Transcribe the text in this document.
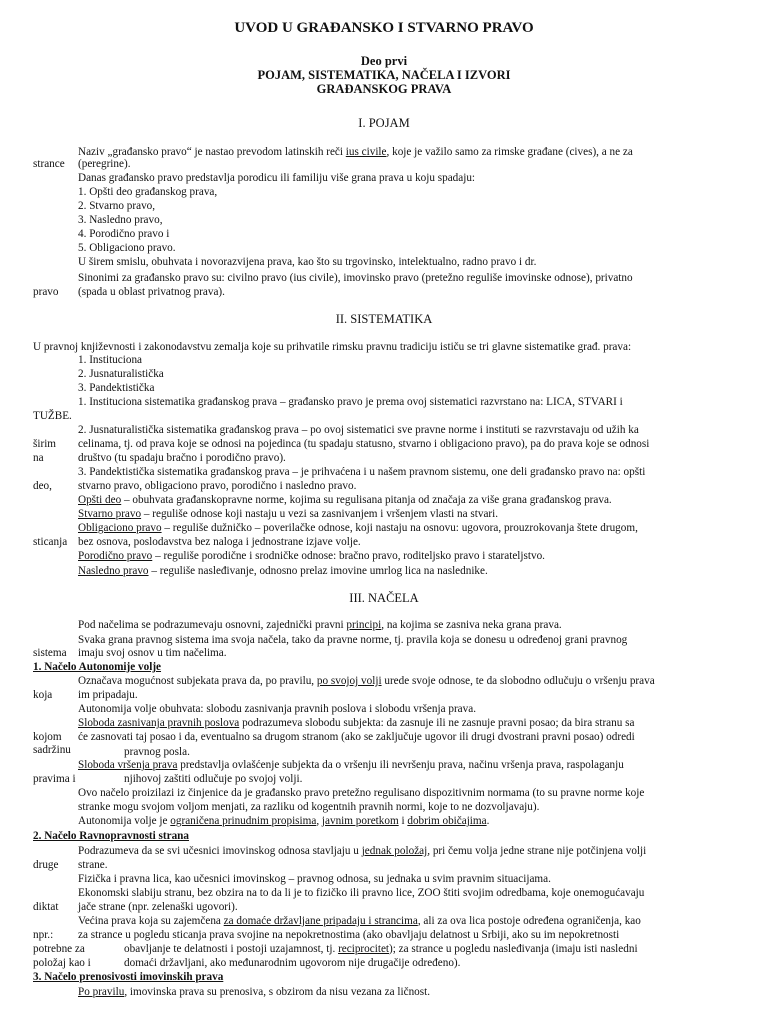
UVOD U GRAĐANSKO I STVARNO PRAVO
Deo prvi
POJAM, SISTEMATIKA, NAČELA I IZVORI
GRAĐANSKOG PRAVA
I. POJAM
Naziv „građansko pravo“ je nastao prevodom latinskih reči ius civile, koje je važilo samo za rimske građane (cives), a ne za
strance (peregrine).
Danas građansko pravo predstavlja porodicu ili familiju više grana prava u koju spadaju:
1. Opšti deo građanskog prava,
2. Stvarno pravo,
3. Nasledno pravo,
4. Porodično pravo i
5. Obligaciono pravo.
U širem smislu, obuhvata i novorazvijena prava, kao što su trgovinsko, intelektualno, radno pravo i dr.
Sinonimi za građansko pravo su: civilno pravo (ius civile), imovinsko pravo (pretežno reguliše imovinske odnose), privatno
pravo (spada u oblast privatnog prava).
II. SISTEMATIKA
U pravnoj književnosti i zakonodavstvu zemalja koje su prihvatile rimsku pravnu tradiciju ističu se tri glavne sistematike građ. prava:
1. Instituciona
2. Jusnaturalistička
3. Pandektistička
1. Instituciona sistematika građanskog prava – građansko pravo je prema ovoj sistematici razvrstano na: LICA, STVARI i
TUŽBE.
2. Jusnaturalistička sistematika građanskog prava – po ovoj sistematici sve pravne norme i instituti se razvrstavaju od užih ka
širim celinama, tj. od prava koje se odnosi na pojedinca (tu spadaju statusno, stvarno i obligaciono pravo), pa do prava koje se odnosi
na	društvo (tu spadaju bračno i porodično pravo).
3. Pandektistička sistematika građanskog prava – je prihvaćena i u našem pravnom sistemu, one deli građansko pravo na: opšti
deo, stvarno pravo, obligaciono pravo, porodično i nasledno pravo.
Opšti deo – obuhvata građanskopravne norme, kojima su regulisana pitanja od značaja za više grana građanskog prava.
Stvarno pravo – reguliše odnose koji nastaju u vezi sa zasnivanjem i vršenjem vlasti na stvari.
Obligaciono pravo – reguliše dužničko – poverilačke odnose, koji nastaju na osnovu: ugovora, prouzrokovanja štete drugom,
sticanja bez osnova, poslodavstva bez naloga i jednostrane izjave volje.
Porodično pravo – reguliše porodične i srodničke odnose: bračno pravo, roditeljsko pravo i starateljstvo.
Nasledno pravo – reguliše nasleđivanje, odnosno prelaz imovine umrlog lica na naslednike.
III. NAČELA
Pod načelima se podrazumevaju osnovni, zajednički pravni principi, na kojima se zasniva neka grana prava.
Svaka grana pravnog sistema ima svoja načela, tako da pravne norme, tj. pravila koja se donesu u određenoj grani pravnog
sistema imaju svoj osnov u tim načelima.
1. Načelo Autonomije volje
Označava mogućnost subjekata prava da, po pravilu, po svojoj volji urede svoje odnose, te da slobodno odlučuju o vršenju prava
koja im pripadaju.
Autonomija volje obuhvata: slobodu zasnivanja pravnih poslova i slobodu vršenja prava.
Sloboda zasnivanja pravnih poslova podrazumeva slobodu subjekta: da zasnuje ili ne zasnuje pravni posao; da bira stranu sa
kojom će zasnovati taj posao i da, eventualno sa drugom stranom (ako se zaključuje ugovor ili drugi dvostrani pravni posao) odredi
sadržinu	pravnog posla.
Sloboda vršenja prava predstavlja ovlašćenje subjekta da o vršenju ili nevršenju prava, načinu vršenja prava, raspolaganju
pravima i	njihovoj zaštiti odlučuje po svojoj volji.
Ovo načelo proizilazi iz činjenice da je građansko pravo pretežno regulisano dispozitivnim normama (to su pravne norme koje
stranke mogu svojom voljom menjati, za razliku od kogentnih pravnih normi, koje to ne dozvoljavaju).
Autonomija volje je ograničena prinudnim propisima, javnim poretkom i dobrim običajima.
2. Načelo Ravnopravnosti strana
Podrazumeva da se svi učesnici imovinskog odnosa stavljaju u jednak položaj, pri čemu volja jedne strane nije potčinjena volji
druge strane.
Fizička i pravna lica, kao učesnici imovinskog – pravnog odnosa, su jednaka u svim pravnim situacijama.
Ekonomski slabiju stranu, bez obzira na to da li je to fizičko ili pravno lice, ZOO štiti svojim odredbama, koje onemogućavaju
diktat jače strane (npr. zelenaški ugovori).
Većina prava koja su zajemčena za domaće državljane pripadaju i strancima, ali za ova lica postoje određena ograničenja, kao
npr.: za strance u pogledu sticanja prava svojine na nepokretnostima (ako obavljaju delatnost u Srbiji, ako su im nepokretnosti
potrebne za	obavljanje te delatnosti i postoji uzajamnost, tj. reciprocitet); za strance u pogledu nasleđivanja (imaju isti nasledni
položaj kao i	domaći državljani, ako međunarodnim ugovorom nije drugačije određeno).
3. Načelo prenosivosti imovinskih prava
Po pravilu, imovinska prava su prenosiva, s obzirom da nisu vezana za ličnost.
